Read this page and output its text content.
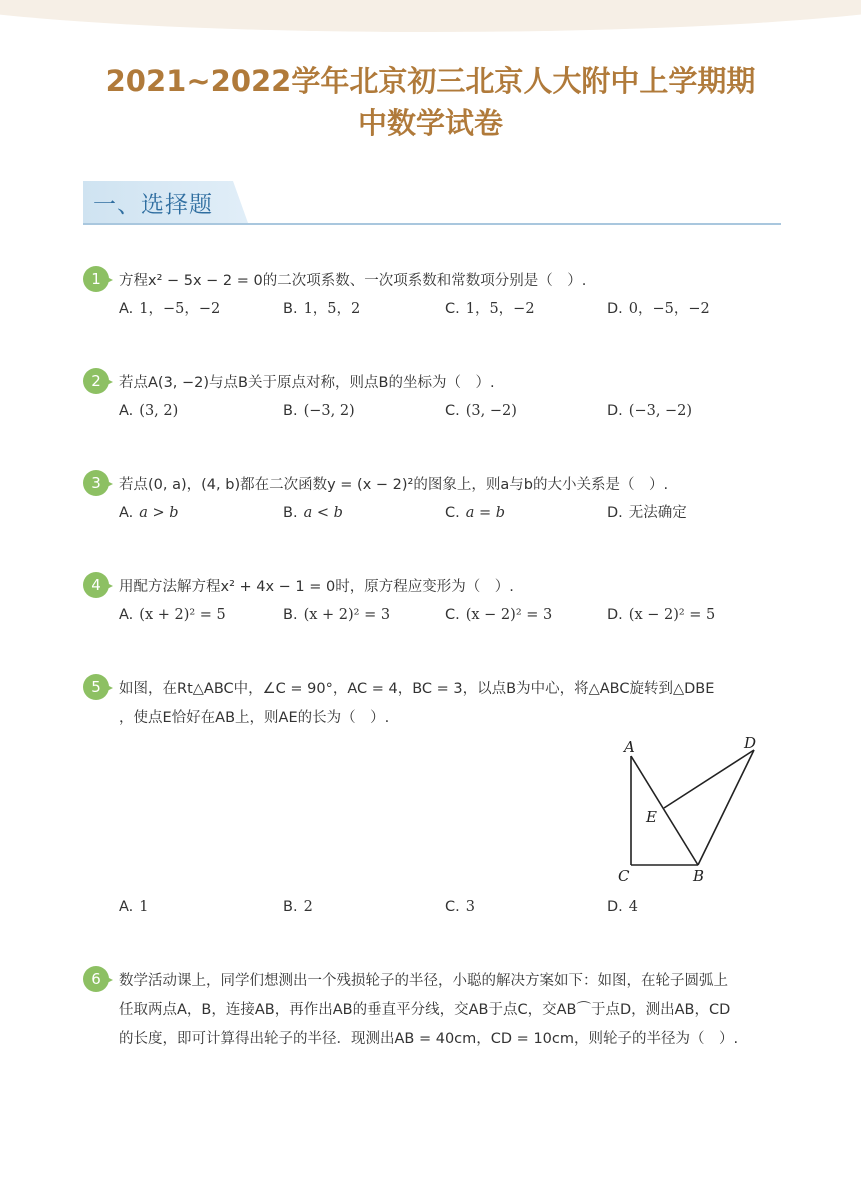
2021~2022学年北京初三北京人大附中上学期期
中数学试卷
一、选择题
1	方程x² − 5x − 2 = 0的二次项系数、一次项系数和常数项分别是（　）.
A. 1，−5，−2	B. 1，5，2	C. 1，5，−2	D. 0，−5，−2
2	若点A(3, −2)与点B关于原点对称，则点B的坐标为（　）.
A. (3, 2)	B. (−3, 2)	C. (3, −2)	D. (−3, −2)
3	若点(0, a)，(4, b)都在二次函数y = (x − 2)²的图象上，则a与b的大小关系是（　）.
A. a > b	B. a < b	C. a = b	D. 无法确定
4	用配方法解方程x² + 4x − 1 = 0时，原方程应变形为（　）.
A. (x + 2)² = 5	B. (x + 2)² = 3	C. (x − 2)² = 3	D. (x − 2)² = 5
5	如图，在Rt△ABC中，∠C = 90°，AC = 4，BC = 3，以点B为中心，将△ABC旋转到△DBE
，使点E恰好在AB上，则AE的长为（　）.
A. 1	B. 2	C. 3	D. 4
A	D
E
C	B
6	数学活动课上，同学们想测出一个残损轮子的半径，小聪的解决方案如下：如图，在轮子圆弧上
任取两点A，B，连接AB，再作出AB的垂直平分线，交AB于点C，交AB⌒于点D，测出AB，CD
的长度，即可计算得出轮子的半径．现测出AB = 40cm，CD = 10cm，则轮子的半径为（　）.
